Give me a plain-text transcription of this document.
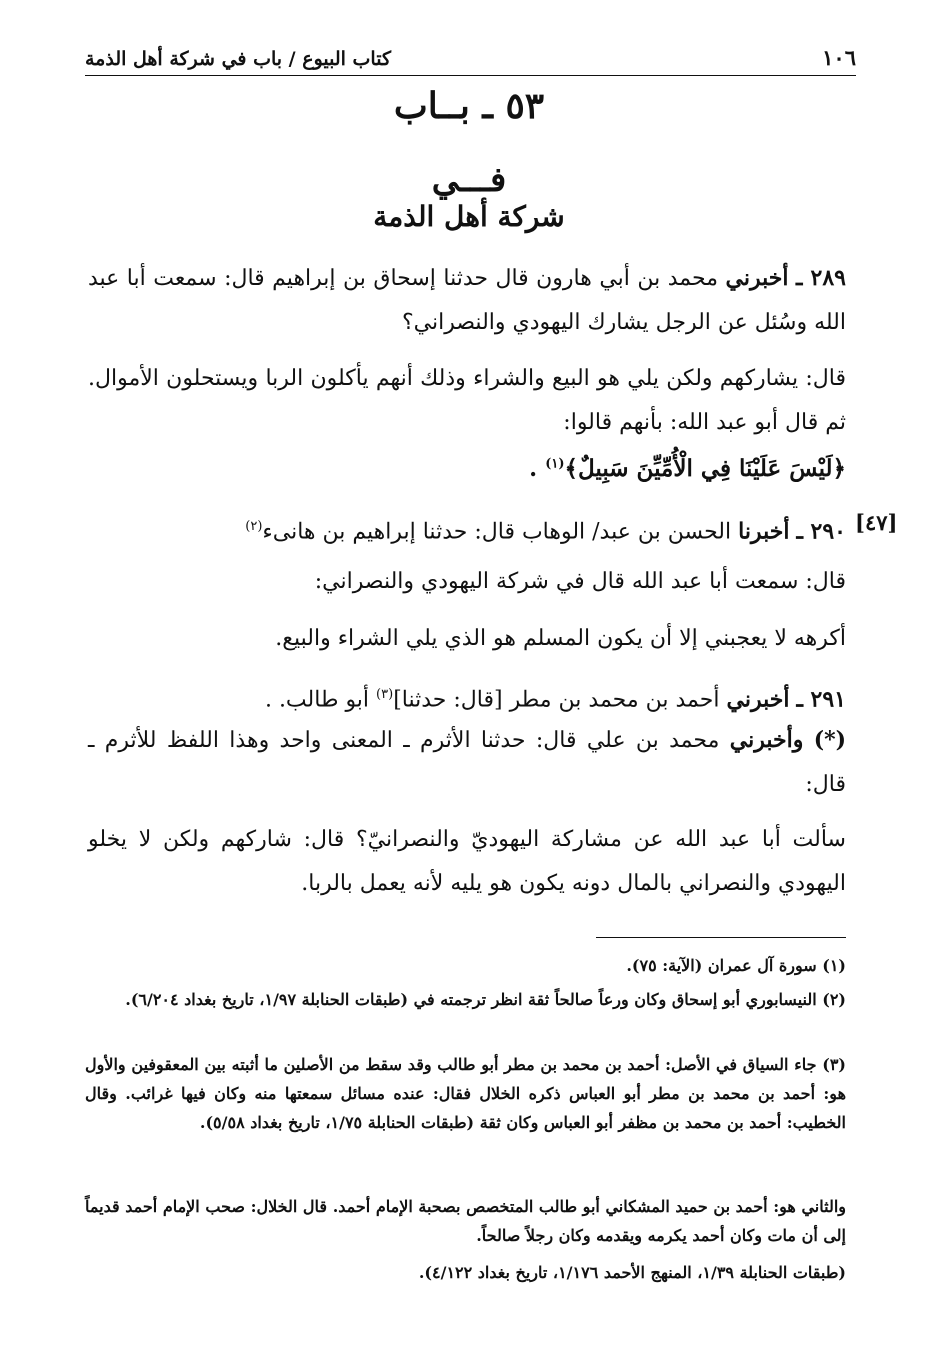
١٠٦
كتاب البيوع / باب في شركة أهل الذمة
٥٣ ـ بــاب
فـــي
شركة أهل الذمة
٢٨٩ ـ أخبرني محمد بن أبي هارون قال حدثنا إسحاق بن إبراهيم قال: سمعت أبا عبد الله وسُئل عن الرجل يشارك اليهودي والنصراني؟
قال: يشاركهم ولكن يلي هو البيع والشراء وذلك أنهم يأكلون الربا ويستحلون الأموال. ثم قال أبو عبد الله: بأنهم قالوا:
﴿لَيْسَ عَلَيْنَا فِي الْأُمِّيِّنَ سَبِيلٌ﴾$^{(١)}$ .
[٤٧]
٢٩٠ ـ أخبرنا الحسن بن عبد/ الوهاب قال: حدثنا إبراهيم بن هانىء$^{(٢)}$
قال: سمعت أبا عبد الله قال في شركة اليهودي والنصراني:
أكرهه لا يعجبني إلا أن يكون المسلم هو الذي يلي الشراء والبيع.
٢٩١ ـ أخبرني أحمد بن محمد بن مطر [قال: حدثنا]$^{(٣)}$ أبو طالب. .
(*) وأخبرني محمد بن علي قال: حدثنا الأثرم ـ المعنى واحد وهذا اللفظ للأثرم ـ قال:
سألت أبا عبد الله عن مشاركة اليهوديّ والنصرانيّ؟ قال: شاركهم ولكن لا يخلو اليهودي والنصراني بالمال دونه يكون هو يليه لأنه يعمل بالربا.
(١) سورة آل عمران (الآية: ٧٥).
(٢) النيسابوري أبو إسحاق وكان ورعاً صالحاً ثقة انظر ترجمته في (طبقات الحنابلة ١/٩٧، تاريخ بغداد ٦/٢٠٤).
(٣) جاء السياق في الأصل: أحمد بن محمد بن مطر أبو طالب وقد سقط من الأصلين ما أثبته بين المعقوفين والأول هو: أحمد بن محمد بن مطر أبو العباس ذكره الخلال فقال: عنده مسائل سمعتها منه وكان فيها غرائب. وقال الخطيب: أحمد بن محمد بن مظفر أبو العباس وكان ثقة (طبقات الحنابلة ١/٧٥، تاريخ بغداد ٥/٥٨).
والثاني هو: أحمد بن حميد المشكاني أبو طالب المتخصص بصحبة الإمام أحمد. قال الخلال: صحب الإمام أحمد قديماً إلى أن مات وكان أحمد يكرمه ويقدمه وكان رجلاً صالحاً.
(طبقات الحنابلة ١/٣٩، المنهج الأحمد ١/١٧٦، تاريخ بغداد ٤/١٢٢).
